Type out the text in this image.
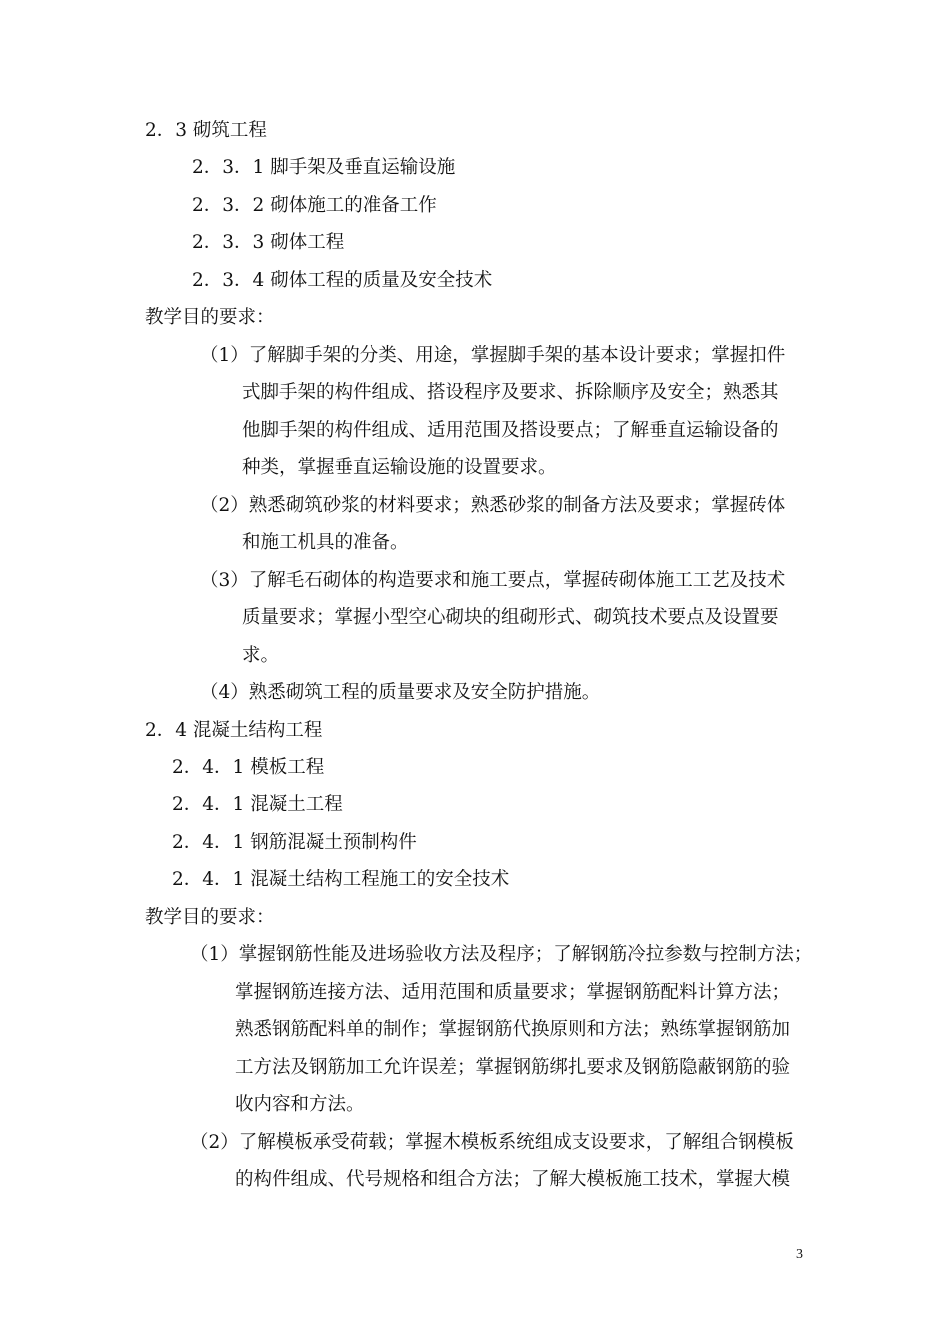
2．3 砌筑工程
2．3．1 脚手架及垂直运输设施
2．3．2 砌体施工的准备工作
2．3．3 砌体工程
2．3．4 砌体工程的质量及安全技术
教学目的要求：
（1）了解脚手架的分类、用途，掌握脚手架的基本设计要求；掌握扣件
式脚手架的构件组成、搭设程序及要求、拆除顺序及安全；熟悉其
他脚手架的构件组成、适用范围及搭设要点；了解垂直运输设备的
种类，掌握垂直运输设施的设置要求。
（2）熟悉砌筑砂浆的材料要求；熟悉砂浆的制备方法及要求；掌握砖体
和施工机具的准备。
（3）了解毛石砌体的构造要求和施工要点，掌握砖砌体施工工艺及技术
质量要求；掌握小型空心砌块的组砌形式、砌筑技术要点及设置要
求。
（4）熟悉砌筑工程的质量要求及安全防护措施。
2．4 混凝土结构工程
2．4．1 模板工程
2．4．1 混凝土工程
2．4．1 钢筋混凝土预制构件
2．4．1 混凝土结构工程施工的安全技术
教学目的要求：
（1）掌握钢筋性能及进场验收方法及程序；了解钢筋冷拉参数与控制方法；
掌握钢筋连接方法、适用范围和质量要求；掌握钢筋配料计算方法；
熟悉钢筋配料单的制作；掌握钢筋代换原则和方法；熟练掌握钢筋加
工方法及钢筋加工允许误差；掌握钢筋绑扎要求及钢筋隐蔽钢筋的验
收内容和方法。
（2）了解模板承受荷载；掌握木模板系统组成支设要求，了解组合钢模板
的构件组成、代号规格和组合方法；了解大模板施工技术，掌握大模
3
